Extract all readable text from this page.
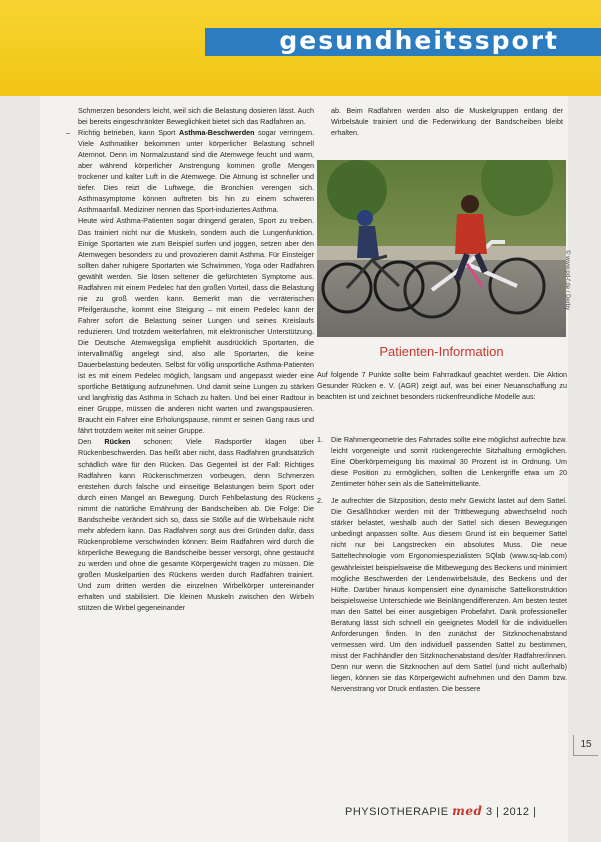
gesundheitssport

Schmerzen besonders leicht, weil sich die Belastung dosieren lässt. Auch bei bereits eingeschränkter Beweglichkeit bietet sich das Radfahren an.

– Richtig betrieben, kann Sport Asthma-Beschwerden sogar verringern. Viele Asthmatiker bekommen unter körperlicher Belastung schnell Atemnot. Denn im Normalzustand sind die Atemwege feucht und warm, aber während körperlicher Anstrengung kommen große Mengen trockener und kalter Luft in die Atemwege. Die Atmung ist schneller und tiefer. Dies reizt die Luftwege, die Bronchien verengen sich. Asthmasymptome können auftreten bis hin zu einem schweren Asthmaanfall. Mediziner nennen das Sport-induziertes Asthma.

Heute wird Asthma-Patienten sogar dringend geraten, Sport zu treiben. Das trainiert nicht nur die Muskeln, sondern auch die Lungenfunktion. Einige Sportarten wie zum Beispiel surfen und joggen, setzen aber den Atemwegen besonders zu und provozieren damit Asthma. Für Einsteiger sollten daher ruhigere Sportarten wie Schwimmen, Yoga oder Radfahren gewählt werden. Sie lösen seltener die gefürchteten Symptome aus. Radfahren mit einem Pedelec hat den großen Vorteil, dass die Belastung nie zu groß werden kann. Bemerkt man die verräterischen Pfeifgeräusche, kommt eine Steigung – mit einem Pedelec kann der Fahrer sofort die Belastung seiner Lungen und seines Kreislaufs reduzieren. Und trotzdem weiterfahren, mit elektronischer Unterstützung. Die Deutsche Atemwegsliga empfiehlt ausdrücklich Sportarten, die intervallmäßig angelegt sind, also alle Sportarten, die keine Dauerbelastung bedeuten. Selbst für völlig unsportliche Asthma-Patienten ist es mit einem Pedelec möglich, langsam und angepasst wieder eine sportliche Betätigung aufzunehmen. Und damit seine Lungen zu stärken und langfristig das Asthma in Schach zu halten. Und bei einer Radtour in einer Gruppe, müssen die anderen nicht warten und zwangspausieren. Braucht ein Fahrer eine Erholungspause, nimmt er seinen Gang raus und fährt trotzdem weiter mit seiner Gruppe.

Den Rücken schonen: Viele Radsportler klagen über Rückenbeschwerden. Das heißt aber nicht, dass Radfahren grundsätzlich schädlich wäre für den Rücken. Das Gegenteil ist der Fall: Richtiges Radfahren kann Rückenschmerzen vorbeugen, denn Schmerzen entstehen durch falsche und einseitige Belastungen beim Sport oder durch einen Mangel an Bewegung. Durch Fehlbelastung des Rückens nimmt die natürliche Ernährung der Bandscheiben ab. Die Folge: Die Bandscheibe verändert sich so, dass sie Stöße auf die Wirbelsäule nicht mehr abfedern kann. Das Radfahren sorgt aus drei Gründen dafür, dass Rückenprobleme verschwinden können: Beim Radfahren wird durch die körperliche Bewegung die Bandscheibe besser versorgt, ohne gestaucht zu werden und ohne die gesamte Körpergewicht tragen zu müssen. Die großen Muskelpartien des Rückens werden durch Radfahren trainiert. Und zum dritten werden die einzelnen Wirbelkörper untereinander erhalten und stabilisiert. Die kleinen Muskeln zwischen den Wirbeln stützen die Wirbel gegeneinander

ab. Beim Radfahren werden also die Muskelgruppen entlang der Wirbelsäule trainiert und die Federwirkung der Bandscheiben bleibt erhalten.
© www.pd-f.de / Derby
Patienten-Information
Auf folgende 7 Punkte sollte beim Fahrradkauf geachtet werden. Die Aktion Gesunder Rücken e. V. (AGR) zeigt auf, was bei einer Neuanschaffung zu beachten ist und zeichnet besonders rückenfreundliche Modelle aus:
1. Die Rahmengeometrie des Fahrrades sollte eine möglichst aufrechte bzw. leicht vorgeneigte und somit rückengerechte Sitzhaltung ermöglichen. Eine Oberkörperneigung bis maximal 30 Prozent ist in Ordnung. Um diese Position zu ermöglichen, sollten die Lenkergriffe etwa um 20 Zentimeter höher sein als die Sattelmittelkante.
2. Je aufrechter die Sitzposition, desto mehr Gewicht lastet auf dem Sattel. Die Gesäßhöcker werden mit der Trittbewegung abwechselnd noch stärker belastet, weshalb auch der Sattel sich diesen Bewegungen unbedingt anpassen sollte. Aus diesem Grund ist ein bequemer Sattel nicht nur bei Langstrecken ein absolutes Muss. Die neue Satteltechnologie vom Ergonomiespezialisten SQlab (www.sq-lab.com) gewährleistet beispielsweise die Mitbewegung des Beckens und minimiert mögliche Beschwerden der Lendenwirbelsäule, des Beckens und der Hüfte. Darüber hinaus kompensiert eine dynamische Sattelkonstruktion beispielsweise Unterschiede wie Beinlängendifferenzen. Am besten testet man den Sattel bei einer ausgiebigen Probefahrt. Dank professioneller Beratung lässt sich schnell ein geeignetes Modell für die individuellen Anforderungen finden. In den zunächst der Sitzknochenabstand vermessen wird. Um den individuell passenden Sattel zu bestimmen, misst der Fachhändler den Sitzknochenabstand des/der Radfahrer/innen. Denn nur wenn die Sitzknochen auf dem Sattel (und nicht außerhalb) liegen, können sie das Körpergewicht aufnehmen und den Damm bzw. Nervenstrang vor Druck entlasten. Die bessere
15
PHYSIOTHERAPIE med 3 | 2012 |
